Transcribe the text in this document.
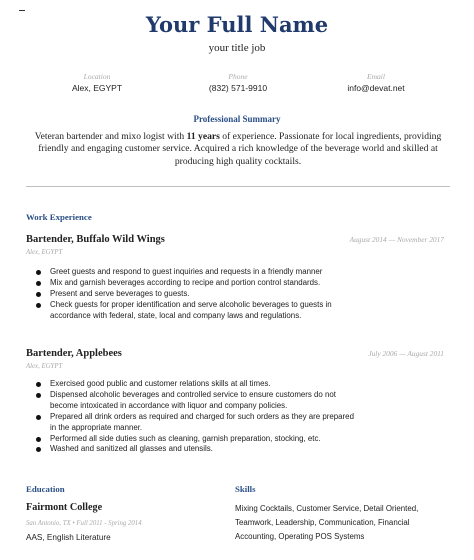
Your Full Name
your title job
Location
Alex, EGYPT
Phone
(832) 571-9910
Email
info@devat.net
Professional Summary
Veteran bartender and mixo logist with 11 years of experience. Passionate for local ingredients, providing friendly and engaging customer service. Acquired a rich knowledge of the beverage world and skilled at producing high quality cocktails.
Work Experience
Bartender, Buffalo Wild Wings
Alex, EGYPT
August 2014 — November 2017
Greet guests and respond to guest inquiries and requests in a friendly manner
Mix and garnish beverages according to recipe and portion control standards.
Present and serve beverages to guests.
Check guests for proper identification and serve alcoholic beverages to guests in accordance with federal, state, local and company laws and regulations.
Bartender, Applebees
Alex, EGYPT
July 2006 — August 2011
Exercised good public and customer relations skills at all times.
Dispensed alcoholic beverages and controlled service to ensure customers do not become intoxicated in accordance with liquor and company policies.
Prepared all drink orders as required and charged for such orders as they are prepared in the appropriate manner.
Performed all side duties such as cleaning, garnish preparation, stocking, etc.
Washed and sanitized all glasses and utensils.
Education
Fairmont College
San Antonio, TX • Full 2011 - Spring 2014
AAS, English Literature
Skills
Mixing Cocktails, Customer Service, Detail Oriented, Teamwork, Leadership, Communication, Financial Accounting, Operating POS Systems
